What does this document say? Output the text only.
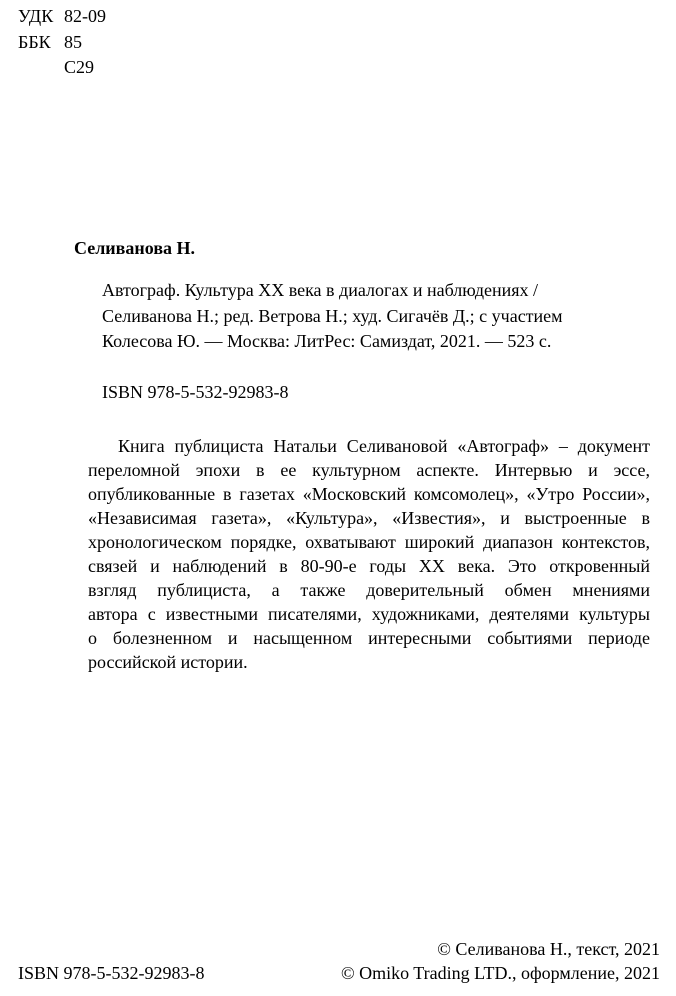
УДК 82-09
ББК 85
С29
Селиванова Н.
Автограф. Культура XX века в диалогах и наблюдениях /
Селиванова Н.; ред. Ветрова Н.; худ. Сигачёв Д.; с участием
Колесова Ю. — Москва: ЛитРес: Самиздат, 2021. — 523 с.
ISBN 978-5-532-92983-8
Книга публициста Натальи Селивановой «Автограф» – документ
переломной эпохи в ее культурном аспекте. Интервью и эссе,
опубликованные в газетах «Московский комсомолец», «Утро России»,
«Независимая газета», «Культура», «Известия», и выстроенные в
хронологическом порядке, охватывают широкий диапазон контекстов,
связей и наблюдений в 80-90-е годы XX века. Это откровенный
взгляд публициста, а также доверительный обмен мнениями
автора с известными писателями, художниками, деятелями культуры
о болезненном и насыщенном интересными событиями периоде
российской истории.
ISBN 978-5-532-92983-8
© Селиванова Н., текст, 2021
© Omiko Trading LTD., оформление, 2021
